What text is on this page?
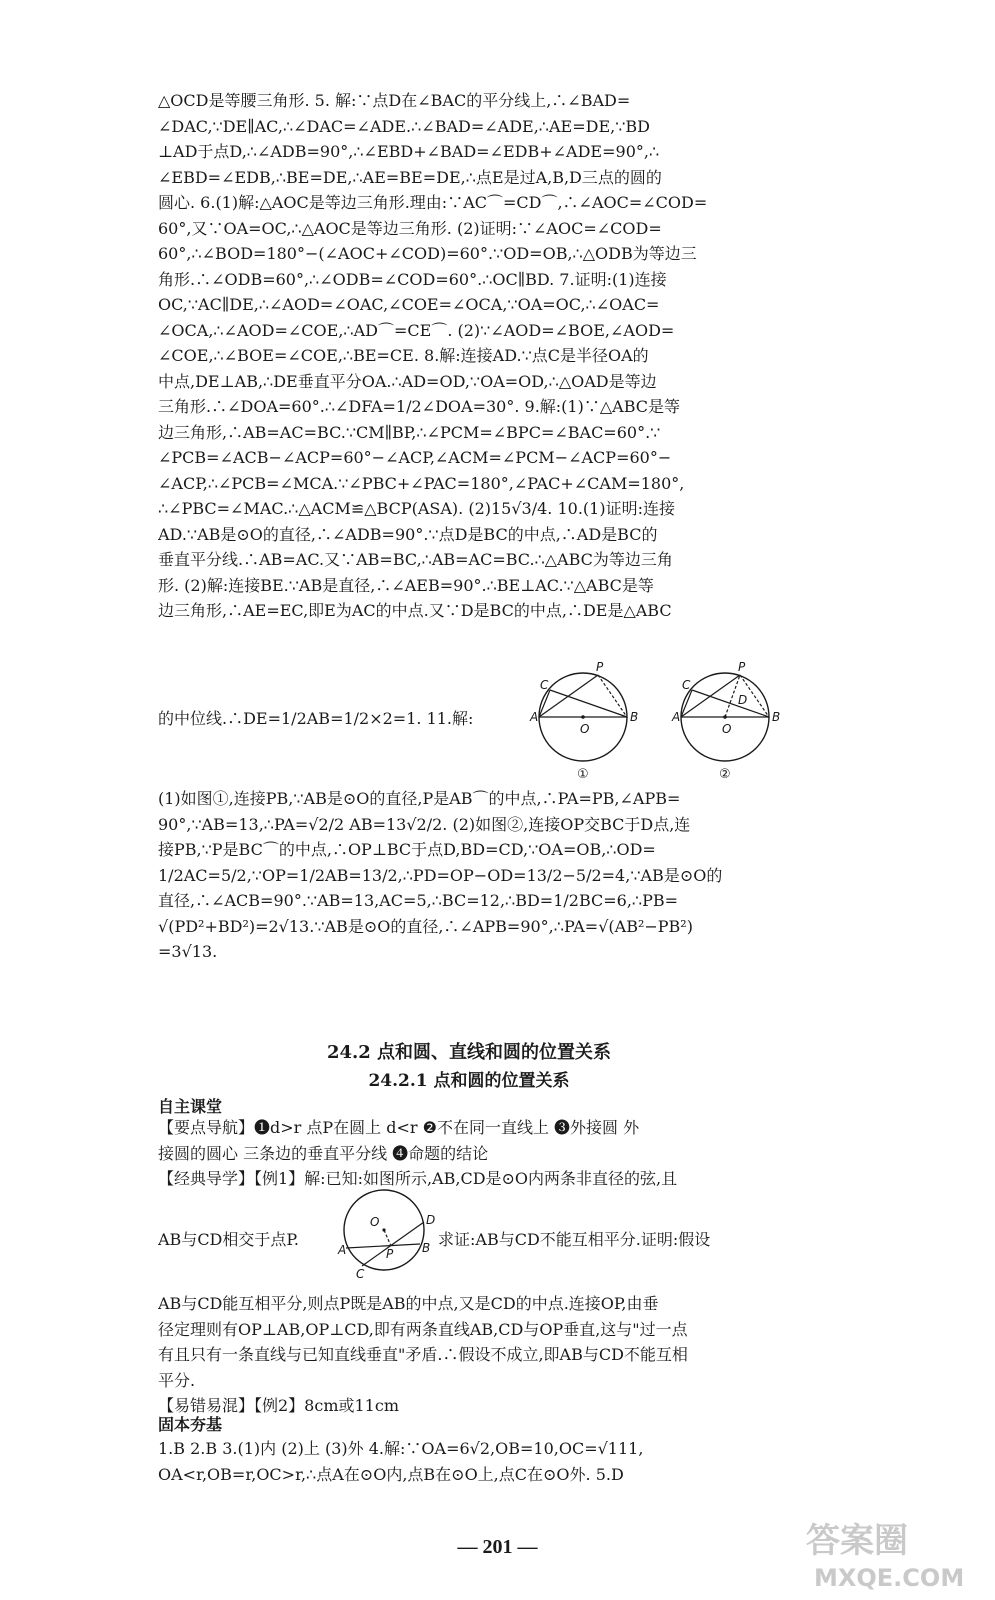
△OCD是等腰三角形. 5. 解:∵点D在∠BAC的平分线上,∴∠BAD=
∠DAC,∵DE∥AC,∴∠DAC=∠ADE.∴∠BAD=∠ADE,∴AE=DE,∵BD
⊥AD于点D,∴∠ADB=90°,∴∠EBD+∠BAD=∠EDB+∠ADE=90°,∴
∠EBD=∠EDB,∴BE=DE,∴AE=BE=DE,∴点E是过A,B,D三点的圆的
圆心. 6.(1)解:△AOC是等边三角形.理由:∵AC⌒=CD⌒,∴∠AOC=∠COD=
60°,又∵OA=OC,∴△AOC是等边三角形. (2)证明:∵∠AOC=∠COD=
60°,∴∠BOD=180°−(∠AOC+∠COD)=60°.∵OD=OB,∴△ODB为等边三
角形.∴∠ODB=60°,∴∠ODB=∠COD=60°.∴OC∥BD. 7.证明:(1)连接
OC,∵AC∥DE,∴∠AOD=∠OAC,∠COE=∠OCA,∵OA=OC,∴∠OAC=
∠OCA,∴∠AOD=∠COE,∴AD⌒=CE⌒. (2)∵∠AOD=∠BOE,∠AOD=
∠COE,∴∠BOE=∠COE,∴BE=CE. 8.解:连接AD.∵点C是半径OA的
中点,DE⊥AB,∴DE垂直平分OA.∴AD=OD,∵OA=OD,∴△OAD是等边
三角形.∴∠DOA=60°.∴∠DFA=1/2∠DOA=30°. 9.解:(1)∵△ABC是等
边三角形,∴AB=AC=BC.∵CM∥BP,∴∠PCM=∠BPC=∠BAC=60°.∵
∠PCB=∠ACB−∠ACP=60°−∠ACP,∠ACM=∠PCM−∠ACP=60°−
∠ACP,∴∠PCB=∠MCA.∵∠PBC+∠PAC=180°,∠PAC+∠CAM=180°,
∴∠PBC=∠MAC.∴△ACM≌△BCP(ASA). (2)15√3/4. 10.(1)证明:连接
AD.∵AB是⊙O的直径,∴∠ADB=90°.∵点D是BC的中点,∴AD是BC的
垂直平分线.∴AB=AC.又∵AB=BC,∴AB=AC=BC.∴△ABC为等边三角
形. (2)解:连接BE.∵AB是直径,∴∠AEB=90°.∴BE⊥AC.∵△ABC是等
边三角形,∴AE=EC,即E为AC的中点.又∵D是BC的中点,∴DE是△ABC
的中位线.∴DE=1/2AB=1/2×2=1. 11.解:
C
P
A
O
B
①
C
P
A
D
O
B
②
(1)如图①,连接PB,∵AB是⊙O的直径,P是AB⌒的中点,∴PA=PB,∠APB=
90°,∵AB=13,∴PA=√2/2 AB=13√2/2. (2)如图②,连接OP交BC于D点,连
接PB,∵P是BC⌒的中点,∴OP⊥BC于点D,BD=CD,∵OA=OB,∴OD=
1/2AC=5/2,∵OP=1/2AB=13/2,∴PD=OP−OD=13/2−5/2=4,∵AB是⊙O的
直径,∴∠ACB=90°.∵AB=13,AC=5,∴BC=12,∴BD=1/2BC=6,∴PB=
√(PD²+BD²)=2√13.∵AB是⊙O的直径,∴∠APB=90°,∴PA=√(AB²−PB²)
=3√13.
24.2 点和圆、直线和圆的位置关系
24.2.1 点和圆的位置关系
自主课堂
【要点导航】❶d>r 点P在圆上 d<r ❷不在同一直线上 ❸外接圆 外
接圆的圆心 三条边的垂直平分线 ❹命题的结论
【经典导学】【例1】解:已知:如图所示,AB,CD是⊙O内两条非直径的弦,且
AB与CD相交于点P.
O	D
A	P B
C
求证:AB与CD不能互相平分.证明:假设
AB与CD能互相平分,则点P既是AB的中点,又是CD的中点.连接OP,由垂
径定理则有OP⊥AB,OP⊥CD,即有两条直线AB,CD与OP垂直,这与"过一点
有且只有一条直线与已知直线垂直"矛盾.∴假设不成立,即AB与CD不能互相
平分.
【易错易混】【例2】8cm或11cm
固本夯基
1.B 2.B 3.(1)内 (2)上 (3)外 4.解:∵OA=6√2,OB=10,OC=√111,
OA<r,OB=r,OC>r,∴点A在⊙O内,点B在⊙O上,点C在⊙O外. 5.D
— 201 —	答案圈
MXQE.COM
